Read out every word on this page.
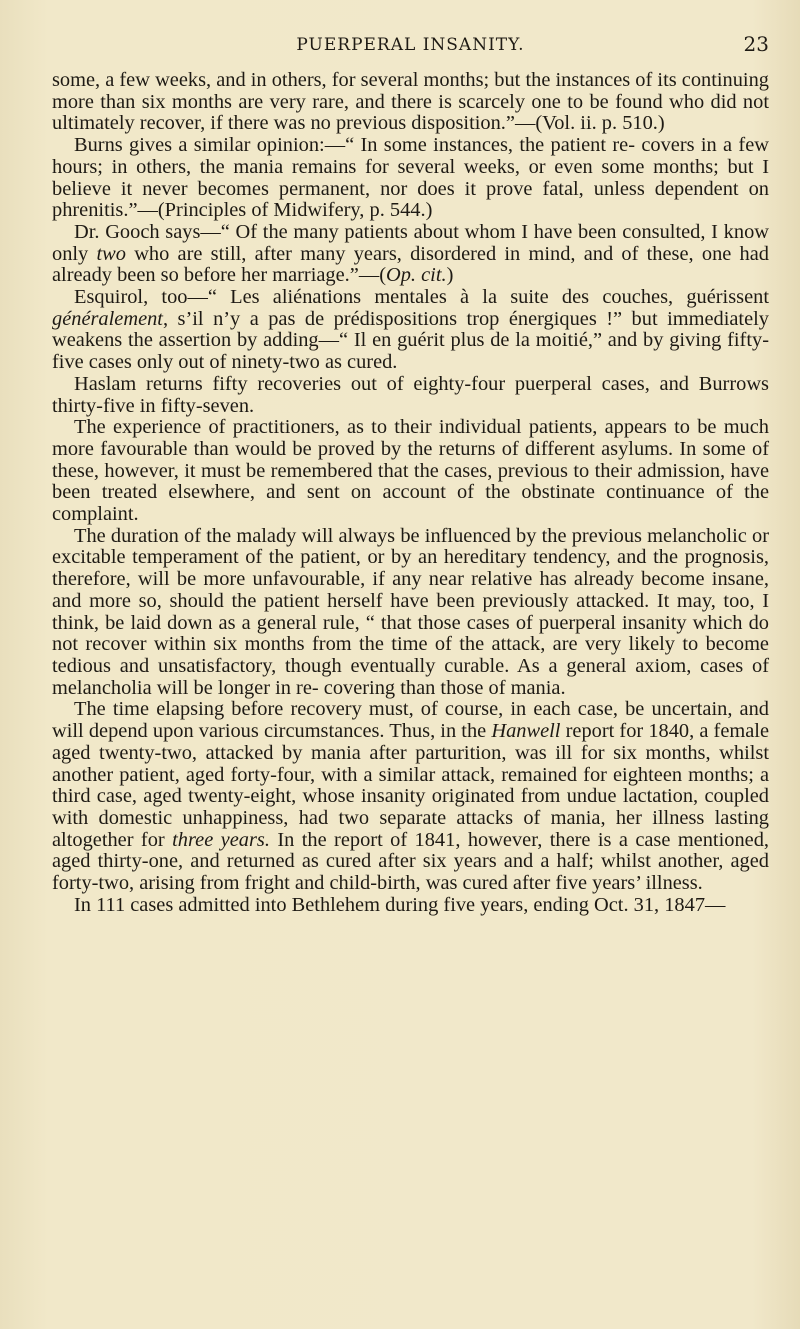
PUERPERAL INSANITY.	23

some, a few weeks, and in others, for several months; but the instances of its continuing more than six months are very rare, and there is scarcely one to be found who did not ultimately recover, if there was no previous disposition.”—(Vol. ii. p. 510.)

Burns gives a similar opinion:—“ In some instances, the patient re- covers in a few hours; in others, the mania remains for several weeks, or even some months; but I believe it never becomes permanent, nor does it prove fatal, unless dependent on phrenitis.”—(Principles of Midwifery, p. 544.)

Dr. Gooch says—“ Of the many patients about whom I have been consulted, I know only two who are still, after many years, disordered in mind, and of these, one had already been so before her marriage.”—(Op. cit.)

Esquirol, too—“ Les aliénations mentales à la suite des couches, guérissent généralement, s’il n’y a pas de prédispositions trop énergiques !” but immediately weakens the assertion by adding—“ Il en guérit plus de la moitié,” and by giving fifty-five cases only out of ninety-two as cured.

Haslam returns fifty recoveries out of eighty-four puerperal cases, and Burrows thirty-five in fifty-seven.

The experience of practitioners, as to their individual patients, appears to be much more favourable than would be proved by the returns of different asylums. In some of these, however, it must be remembered that the cases, previous to their admission, have been treated elsewhere, and sent on account of the obstinate continuance of the complaint.

The duration of the malady will always be influenced by the previous melancholic or excitable temperament of the patient, or by an hereditary tendency, and the prognosis, therefore, will be more unfavourable, if any near relative has already become insane, and more so, should the patient herself have been previously attacked. It may, too, I think, be laid down as a general rule, “ that those cases of puerperal insanity which do not recover within six months from the time of the attack, are very likely to become tedious and unsatisfactory, though eventually curable. As a general axiom, cases of melancholia will be longer in re- covering than those of mania.

The time elapsing before recovery must, of course, in each case, be uncertain, and will depend upon various circumstances. Thus, in the Hanwell report for 1840, a female aged twenty-two, attacked by mania after parturition, was ill for six months, whilst another patient, aged forty-four, with a similar attack, remained for eighteen months; a third case, aged twenty-eight, whose insanity originated from undue lactation, coupled with domestic unhappiness, had two separate attacks of mania, her illness lasting altogether for three years. In the report of 1841, however, there is a case mentioned, aged thirty-one, and returned as cured after six years and a half; whilst another, aged forty-two, arising from fright and child-birth, was cured after five years’ illness.

In 111 cases admitted into Bethlehem during five years, ending Oct. 31, 1847—
